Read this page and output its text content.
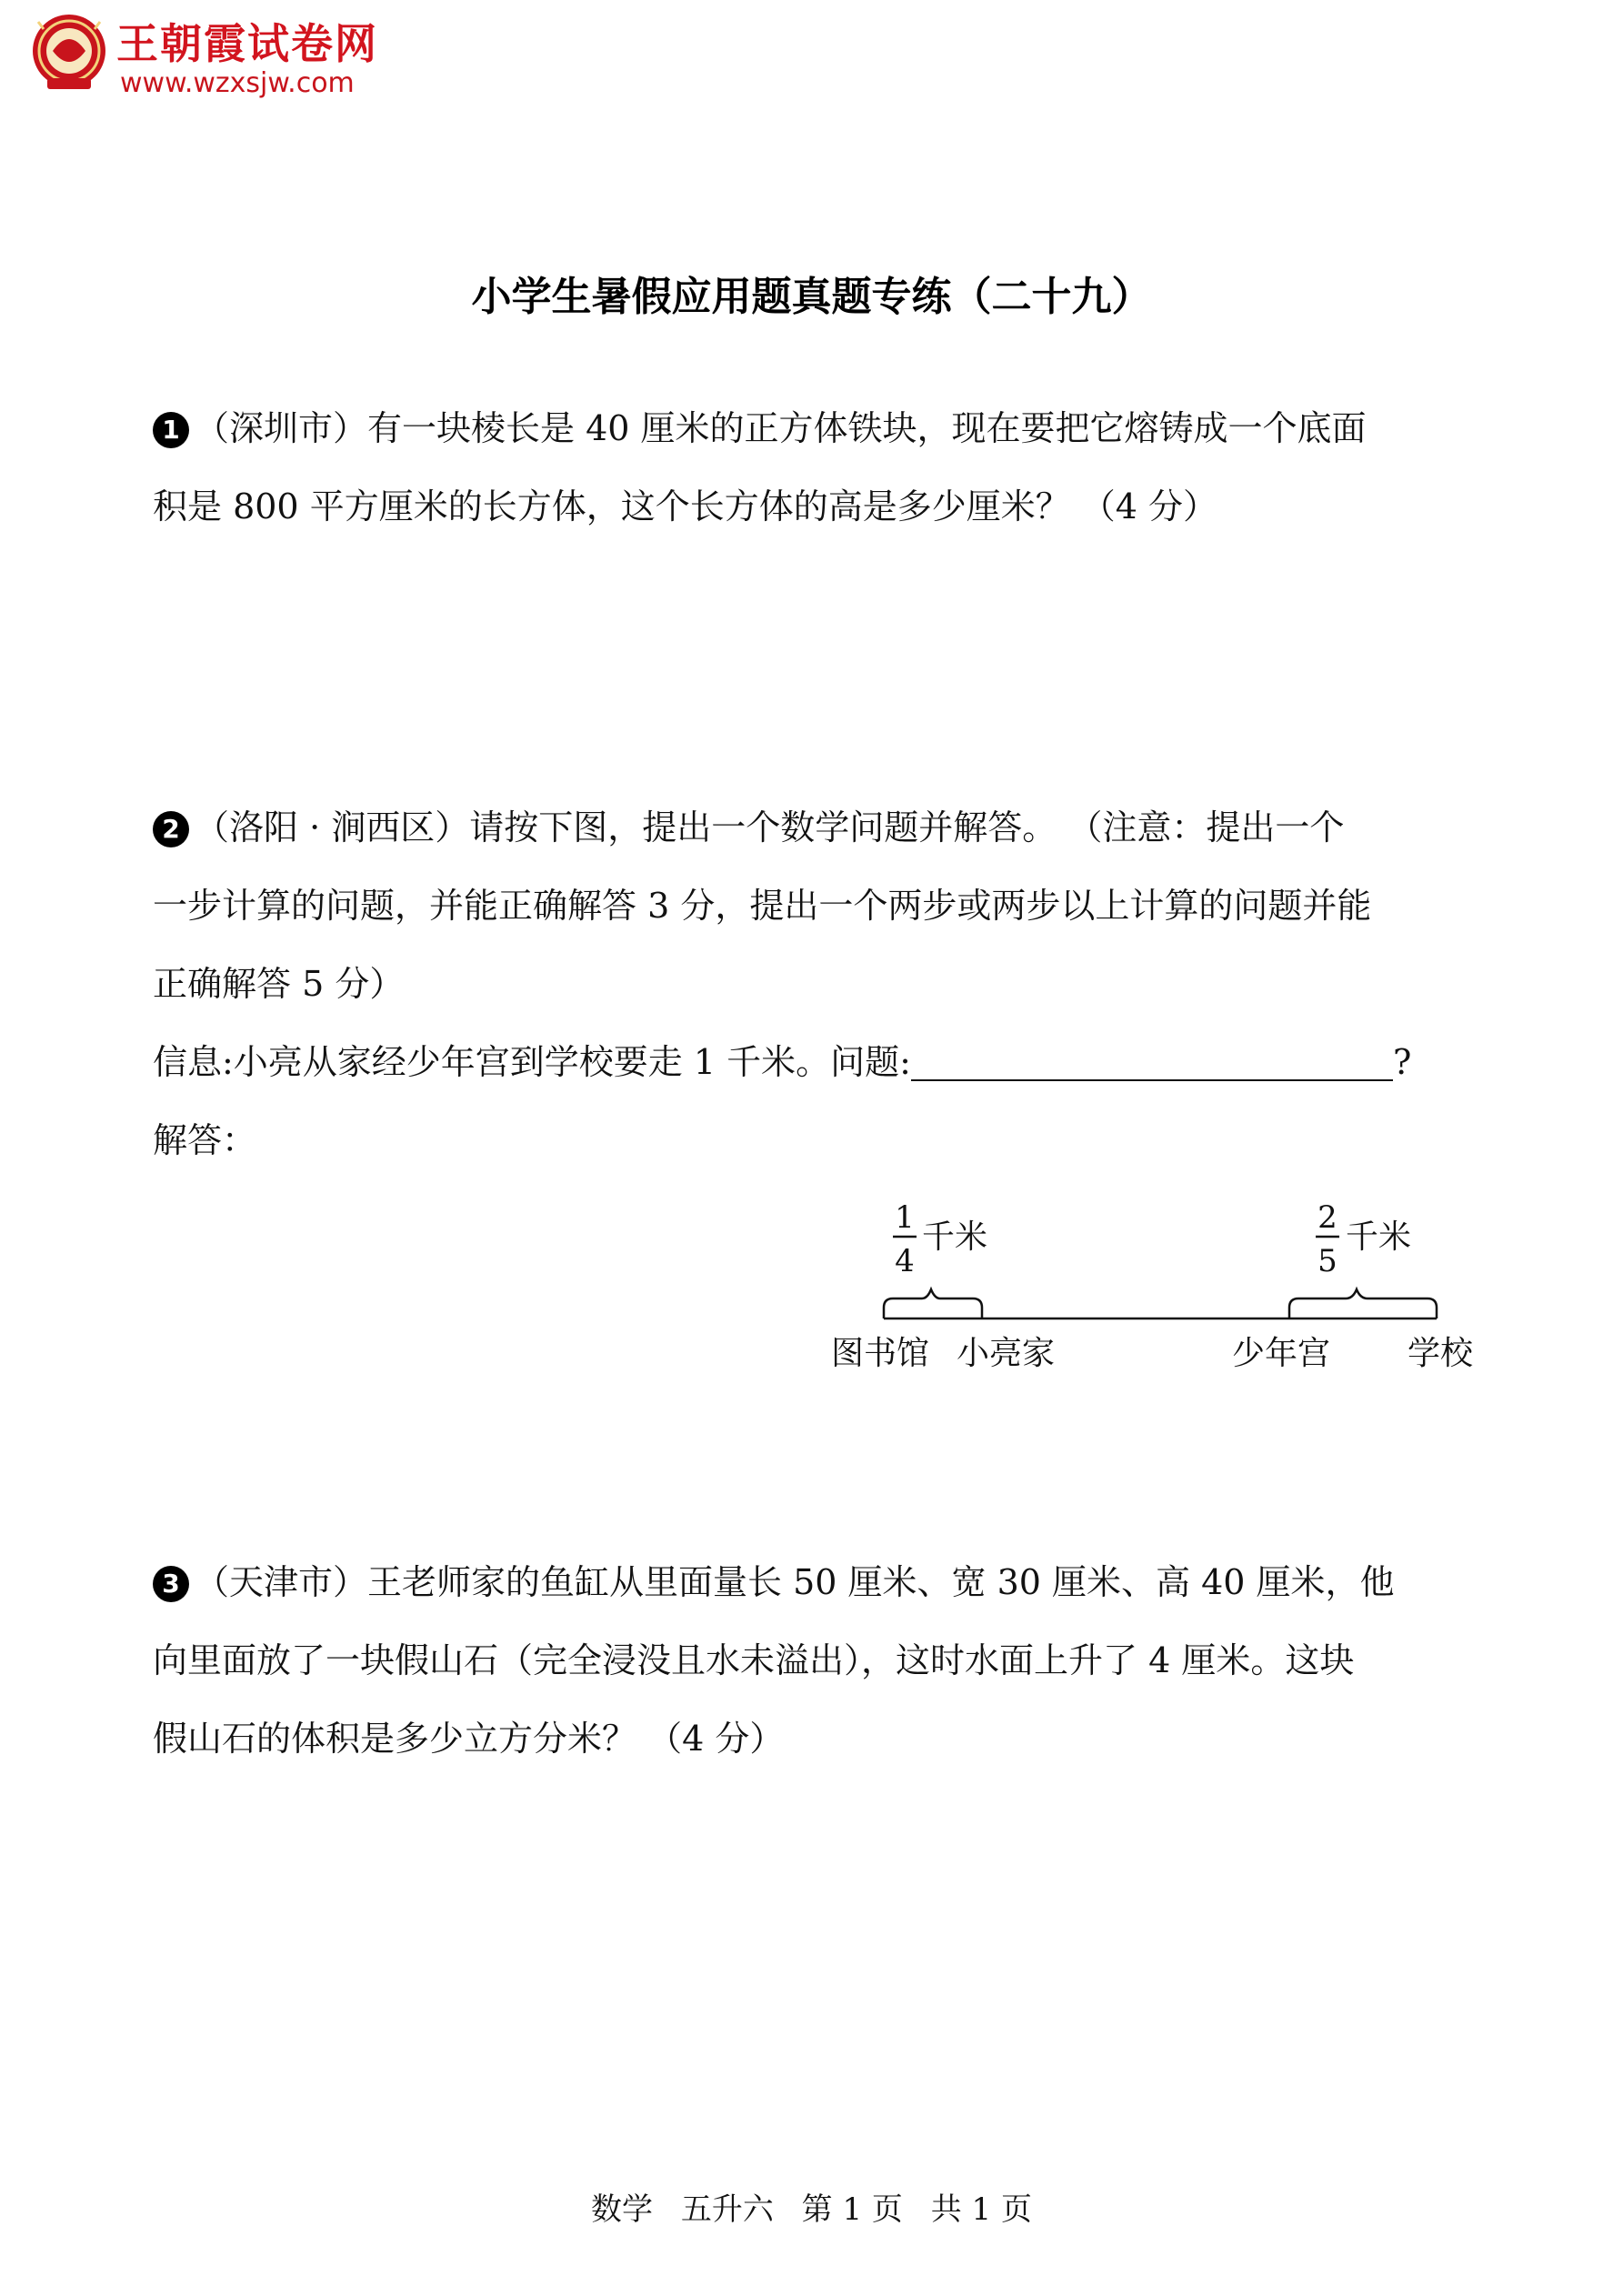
王朝霞试卷网
www.wzxsjw.com
小学生暑假应用题真题专练（二十九）
1 （深圳市）有一块棱长是 40 厘米的正方体铁块，现在要把它熔铸成一个底面
积是 800 平方厘米的长方体，这个长方体的高是多少厘米？ （4 分）
2 （洛阳 · 涧西区）请按下图，提出一个数学问题并解答。 （注意：提出一个
一步计算的问题，并能正确解答 3 分，提出一个两步或两步以上计算的问题并能
正确解答 5 分）
信息:小亮从家经少年宫到学校要走 1 千米。问题:	?
解答：
1
4
千米
2
5
千米
图书馆 小亮家	少年宫 学校
3 （天津市）王老师家的鱼缸从里面量长 50 厘米、宽 30 厘米、高 40 厘米，他
向里面放了一块假山石（完全浸没且水未溢出），这时水面上升了 4 厘米。这块
假山石的体积是多少立方分米？ （4 分）
数学 五升六 第 1 页 共 1 页
